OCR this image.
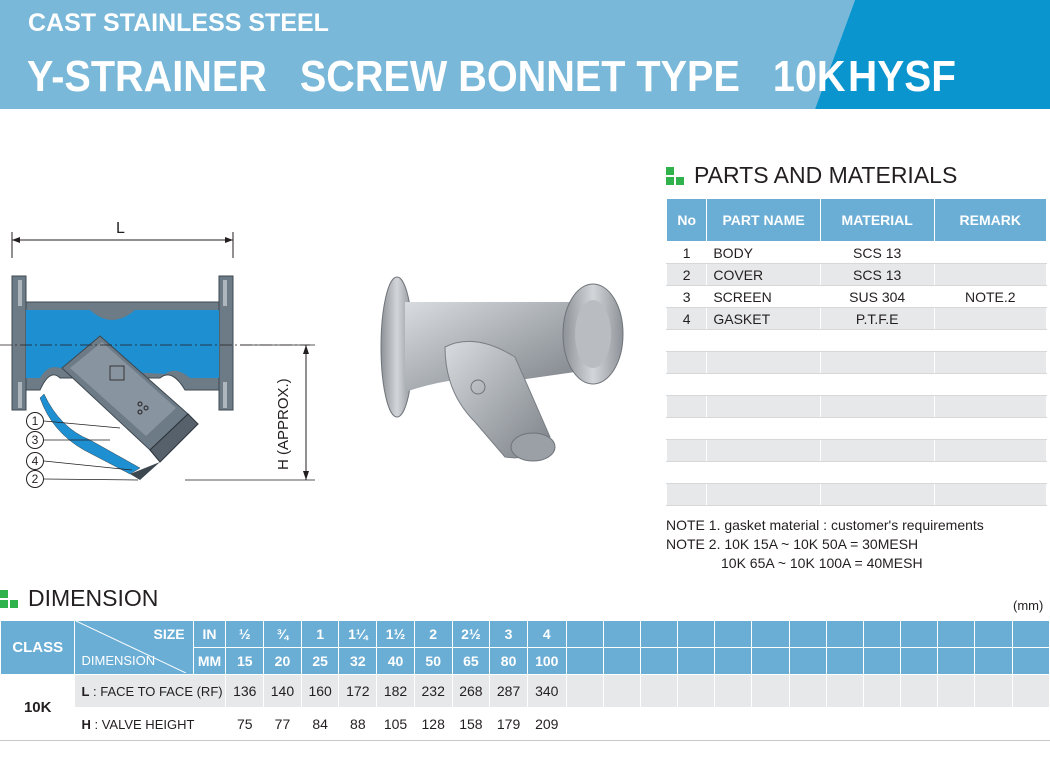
CAST STAINLESS STEEL
Y-STRAINER   SCREW BONNET TYPE   10K HYSF
L
H (APPROX.)
1
3
4
2
PARTS AND MATERIALS
No	PART NAME	MATERIAL	REMARK
1	BODY	SCS 13	
2	COVER	SCS 13	
3	SCREEN	SUS 304	NOTE.2
4	GASKET	P.T.F.E	

NOTE 1. gasket material : customer's requirements
NOTE 2. 10K 15A ~ 10K 50A = 30MESH
10K 65A ~ 10K 100A = 40MESH
DIMENSION	(mm)
CLASS	SIZE	IN	½	¾	1	1¼	1½	2	2½	3	4													
	DIMENSION	MM	15	20	25	32	40	50	65	80	100													
10K	L : FACE TO FACE (RF)		136	140	160	172	182	232	268	287	340													
	H : VALVE HEIGHT		75	77	84	88	105	128	158	179	209													
